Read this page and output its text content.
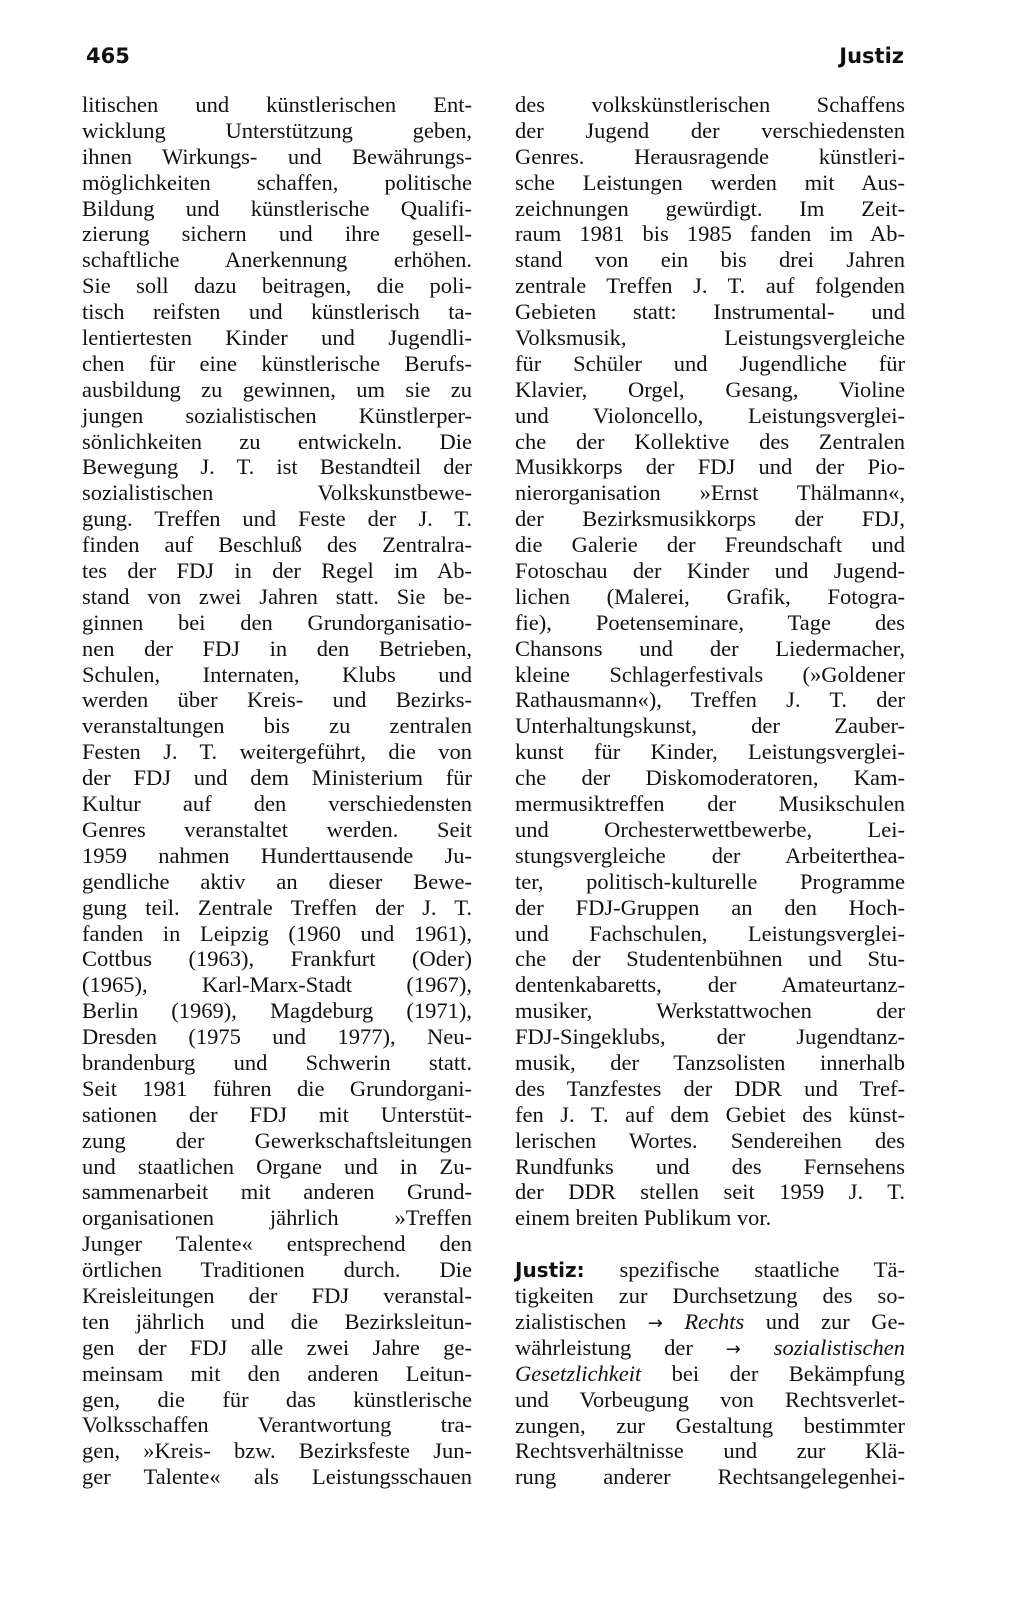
465	Justiz
litischen und künstlerischen Ent-
wicklung Unterstützung geben,
ihnen Wirkungs- und Bewährungs-
möglichkeiten schaffen, politische
Bildung und künstlerische Qualifi-
zierung sichern und ihre gesell-
schaftliche Anerkennung erhöhen.
Sie soll dazu beitragen, die poli-
tisch reifsten und künstlerisch ta-
lentiertesten Kinder und Jugendli-
chen für eine künstlerische Berufs-
ausbildung zu gewinnen, um sie zu
jungen sozialistischen Künstlerper-
sönlichkeiten zu entwickeln. Die
Bewegung J. T. ist Bestandteil der
sozialistischen Volkskunstbewe-
gung. Treffen und Feste der J. T.
finden auf Beschluß des Zentralra-
tes der FDJ in der Regel im Ab-
stand von zwei Jahren statt. Sie be-
ginnen bei den Grundorganisatio-
nen der FDJ in den Betrieben,
Schulen, Internaten, Klubs und
werden über Kreis- und Bezirks-
veranstaltungen bis zu zentralen
Festen J. T. weitergeführt, die von
der FDJ und dem Ministerium für
Kultur auf den verschiedensten
Genres veranstaltet werden. Seit
1959 nahmen Hunderttausende Ju-
gendliche aktiv an dieser Bewe-
gung teil. Zentrale Treffen der J. T.
fanden in Leipzig (1960 und 1961),
Cottbus (1963), Frankfurt (Oder)
(1965), Karl-Marx-Stadt (1967),
Berlin (1969), Magdeburg (1971),
Dresden (1975 und 1977), Neu-
brandenburg und Schwerin statt.
Seit 1981 führen die Grundorgani-
sationen der FDJ mit Unterstüt-
zung der Gewerkschaftsleitungen
und staatlichen Organe und in Zu-
sammenarbeit mit anderen Grund-
organisationen jährlich »Treffen
Junger Talente« entsprechend den
örtlichen Traditionen durch. Die
Kreisleitungen der FDJ veranstal-
ten jährlich und die Bezirksleitun-
gen der FDJ alle zwei Jahre ge-
meinsam mit den anderen Leitun-
gen, die für das künstlerische
Volksschaffen Verantwortung tra-
gen, »Kreis- bzw. Bezirksfeste Jun-
ger Talente« als Leistungsschauen
des volkskünstlerischen Schaffens
der Jugend der verschiedensten
Genres. Herausragende künstleri-
sche Leistungen werden mit Aus-
zeichnungen gewürdigt. Im Zeit-
raum 1981 bis 1985 fanden im Ab-
stand von ein bis drei Jahren
zentrale Treffen J. T. auf folgenden
Gebieten statt: Instrumental- und
Volksmusik, Leistungsvergleiche
für Schüler und Jugendliche für
Klavier, Orgel, Gesang, Violine
und Violoncello, Leistungsverglei-
che der Kollektive des Zentralen
Musikkorps der FDJ und der Pio-
nierorganisation »Ernst Thälmann«,
der Bezirksmusikkorps der FDJ,
die Galerie der Freundschaft und
Fotoschau der Kinder und Jugend-
lichen (Malerei, Grafik, Fotogra-
fie), Poetenseminare, Tage des
Chansons und der Liedermacher,
kleine Schlagerfestivals (»Goldener
Rathausmann«), Treffen J. T. der
Unterhaltungskunst, der Zauber-
kunst für Kinder, Leistungsverglei-
che der Diskomoderatoren, Kam-
mermusiktreffen der Musikschulen
und Orchesterwettbewerbe, Lei-
stungsvergleiche der Arbeitertheа-
ter, politisch-kulturelle Programme
der FDJ-Gruppen an den Hoch-
und Fachschulen, Leistungsverglei-
che der Studentenbühnen und Stu-
dentenkabaretts, der Amateurtanz-
musiker, Werkstattwochen der
FDJ-Singeklubs, der Jugendtanz-
musik, der Tanzsolisten innerhalb
des Tanzfestes der DDR und Tref-
fen J. T. auf dem Gebiet des künst-
lerischen Wortes. Sendereihen des
Rundfunks und des Fernsehens
der DDR stellen seit 1959 J. T.
einem breiten Publikum vor.
Justiz: spezifische staatliche Tä-
tigkeiten zur Durchsetzung des so-
zialistischen → Rechts und zur Ge-
währleistung der → sozialistischen
Gesetzlichkeit bei der Bekämpfung
und Vorbeugung von Rechtsverlet-
zungen, zur Gestaltung bestimmter
Rechtsverhältnisse und zur Klä-
rung anderer Rechtsangelegenhei-
